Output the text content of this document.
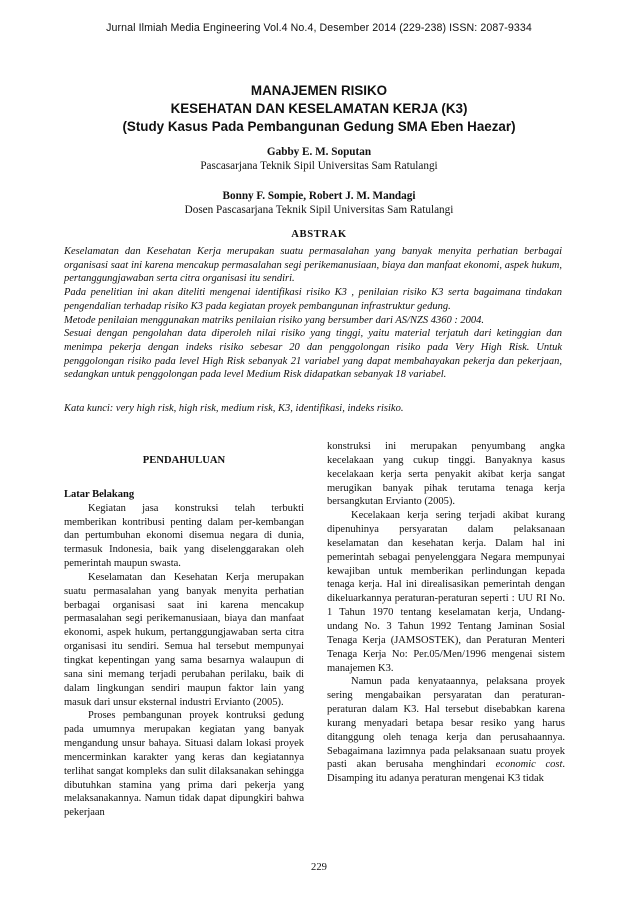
Jurnal Ilmiah Media Engineering Vol.4 No.4, Desember 2014 (229-238) ISSN: 2087-9334
MANAJEMEN RISIKO
KESEHATAN DAN KESELAMATAN KERJA (K3)
(Study Kasus Pada Pembangunan Gedung SMA Eben Haezar)
Gabby E. M. Soputan
Pascasarjana Teknik Sipil Universitas Sam Ratulangi
Bonny F. Sompie, Robert J. M. Mandagi
Dosen Pascasarjana Teknik Sipil Universitas Sam Ratulangi
ABSTRAK

Keselamatan dan Kesehatan Kerja merupakan suatu permasalahan yang banyak menyita perhatian berbagai organisasi saat ini karena mencakup permasalahan segi perikemanusiaan, biaya dan manfaat ekonomi, aspek hukum, pertanggungjawaban serta citra organisasi itu sendiri.

Pada penelitian ini akan diteliti mengenai identifikasi risiko K3 , penilaian risiko K3 serta bagaimana tindakan pengendalian terhadap risiko K3 pada kegiatan proyek pembangunan infrastruktur gedung.

Metode penilaian menggunakan matriks penilaian risiko yang bersumber dari AS/NZS 4360 : 2004.

Sesuai dengan pengolahan data diperoleh nilai risiko yang tinggi, yaitu material terjatuh dari ketinggian dan menimpa pekerja dengan indeks risiko sebesar 20 dan penggolongan risiko pada Very High Risk. Untuk penggolongan risiko pada level High Risk sebanyak 21 variabel yang dapat membahayakan pekerja dan pekerjaan, sedangkan untuk penggolongan pada level Medium Risk didapatkan sebanyak 18 variabel.

Kata kunci: very high risk, high risk, medium risk, K3, identifikasi, indeks risiko.
PENDAHULUAN
Latar Belakang

Kegiatan jasa konstruksi telah terbukti memberikan kontribusi penting dalam per-kembangan dan pertumbuhan ekonomi disemua negara di dunia, termasuk Indonesia, baik yang diselenggarakan oleh pemerintah maupun swasta.

Keselamatan dan Kesehatan Kerja merupakan suatu permasalahan yang banyak menyita perhatian berbagai organisasi saat ini karena mencakup permasalahan segi perikemanusiaan, biaya dan manfaat ekonomi, aspek hukum, pertanggungjawaban serta citra organisasi itu sendiri. Semua hal tersebut mempunyai tingkat kepentingan yang sama besarnya walaupun di sana sini memang terjadi perubahan perilaku, baik di dalam lingkungan sendiri maupun faktor lain yang masuk dari unsur eksternal industri Ervianto (2005).

Proses pembangunan proyek kontruksi gedung pada umumnya merupakan kegiatan yang banyak mengandung unsur bahaya. Situasi dalam lokasi proyek mencerminkan karakter yang keras dan kegiatannya terlihat sangat kompleks dan sulit dilaksanakan sehingga dibutuhkan stamina yang prima dari pekerja yang melaksanakannya. Namun tidak dapat dipungkiri bahwa pekerjaan

konstruksi ini merupakan penyumbang angka kecelakaan yang cukup tinggi. Banyaknya kasus kecelakaan kerja serta penyakit akibat kerja sangat merugikan banyak pihak terutama tenaga kerja bersangkutan Ervianto (2005).

Kecelakaan kerja sering terjadi akibat kurang dipenuhinya persyaratan dalam pelaksanaan keselamatan dan kesehatan kerja. Dalam hal ini pemerintah sebagai penyelenggara Negara mempunyai kewajiban untuk memberikan perlindungan kepada tenaga kerja. Hal ini direalisasikan pemerintah dengan dikeluarkannya peraturan-peraturan seperti : UU RI No. 1 Tahun 1970 tentang keselamatan kerja, Undang-undang No. 3 Tahun 1992 Tentang Jaminan Sosial Tenaga Kerja (JAMSOSTEK), dan Peraturan Menteri Tenaga Kerja No: Per.05/Men/1996 mengenai sistem manajemen K3.

Namun pada kenyataannya, pelaksana proyek sering mengabaikan persyaratan dan peraturan-peraturan dalam K3. Hal tersebut disebabkan karena kurang menyadari betapa besar resiko yang harus ditanggung oleh tenaga kerja dan perusahaannya. Sebagaimana lazimnya pada pelaksanaan suatu proyek pasti akan berusaha menghindari economic cost. Disamping itu adanya peraturan mengenai K3 tidak

229
